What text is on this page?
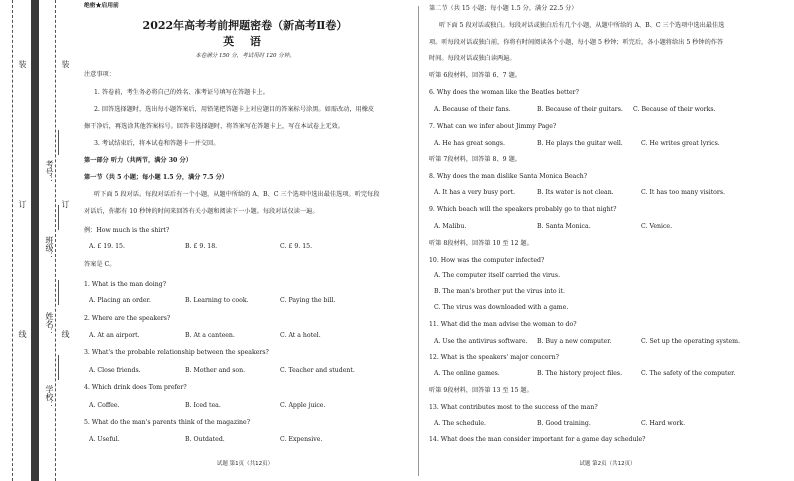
装
订
线
装
订
线
考号：
班级：
姓名：
学校：
绝密★启用前
2022年高考考前押题密卷（新高考Ⅱ卷）
英 语
本卷满分 150 分，考试用时 120 分钟。
注意事项：
1. 答卷前，考生务必将自己的姓名、准考证号填写在答题卡上。
2. 回答选择题时，选出每小题答案后，用铅笔把答题卡上对应题目的答案标号涂黑。如需改动，用橡皮
擦干净后，再选涂其他答案标号。回答非选择题时，将答案写在答题卡上，写在本试卷上无效。
3. 考试结束后，将本试卷和答题卡一并交回。
第一部分 听力（共两节，满分 30 分）
第一节（共 5 小题；每小题 1.5 分，满分 7.5 分）
听下面 5 段对话。每段对话后有一个小题，从题中所给的 A、B、C 三个选项中选出最佳选项。听完每段
对话后，你都有 10 秒钟的时间来回答有关小题和阅读下一小题。每段对话仅读一遍。
例：How much is the shirt?
A. £ 19. 15.	B. £ 9. 18.	C. £ 9. 15.
答案是 C。
1. What is the man doing?
A. Placing an order.	B. Learning to cook.	C. Paying the bill.
2. Where are the speakers?
A. At an airport.	B. At a canteen.	C. At a hotel.
3. What's the probable relationship between the speakers?
A. Close friends.	B. Mother and son.	C. Teacher and student.
4. Which drink does Tom prefer?
A. Coffee.	B. Iced tea.	C. Apple juice.
5. What do the man's parents think of the magazine?
A. Useful.	B. Outdated.	C. Expensive.
试题 第1页（共12页）
第二节（共 15 小题；每小题 1.5 分，满分 22.5 分）
听下面 5 段对话或独白。每段对话或独白后有几个小题，从题中所给的 A、B、C 三个选项中选出最佳选
项。听每段对话或独白前，你将有时间阅读各个小题，每小题 5 秒钟；听完后，各小题将给出 5 秒钟的作答
时间。每段对话或独白读两遍。
听第 6段材料，回答第 6、7 题。
6. Why does the woman like the Beatles better?
A. Because of their fans.	B. Because of their guitars. C. Because of their works.
7. What can we infer about Jimmy Page?
A. He has great songs.	B. He plays the guitar well.	C. He writes great lyrics.
听第 7段材料，回答第 8、9 题。
8. Why does the man dislike Santa Monica Beach?
A. It has a very busy port.	B. Its water is not clean.	C. It has too many visitors.
9. Which beach will the speakers probably go to that night?
A. Malibu.	B. Santa Monica.	C. Venice.
听第 8段材料，回答第 10 至 12 题。
10. How was the computer infected?
A. The computer itself carried the virus.
B. The man's brother put the virus into it.
C. The virus was downloaded with a game.
11. What did the man advise the woman to do?
A. Use the antivirus software. B. Buy a new computer.	C. Set up the operating system.
12. What is the speakers' major concern?
A. The online games.	B. The history project files.	C. The safety of the computer.
听第 9段材料，回答第 13 至 15 题。
13. What contributes most to the success of the man?
A. The schedule.	B. Good training.	C. Hard work.
14. What does the man consider important for a game day schedule?
试题 第2页（共12页）
